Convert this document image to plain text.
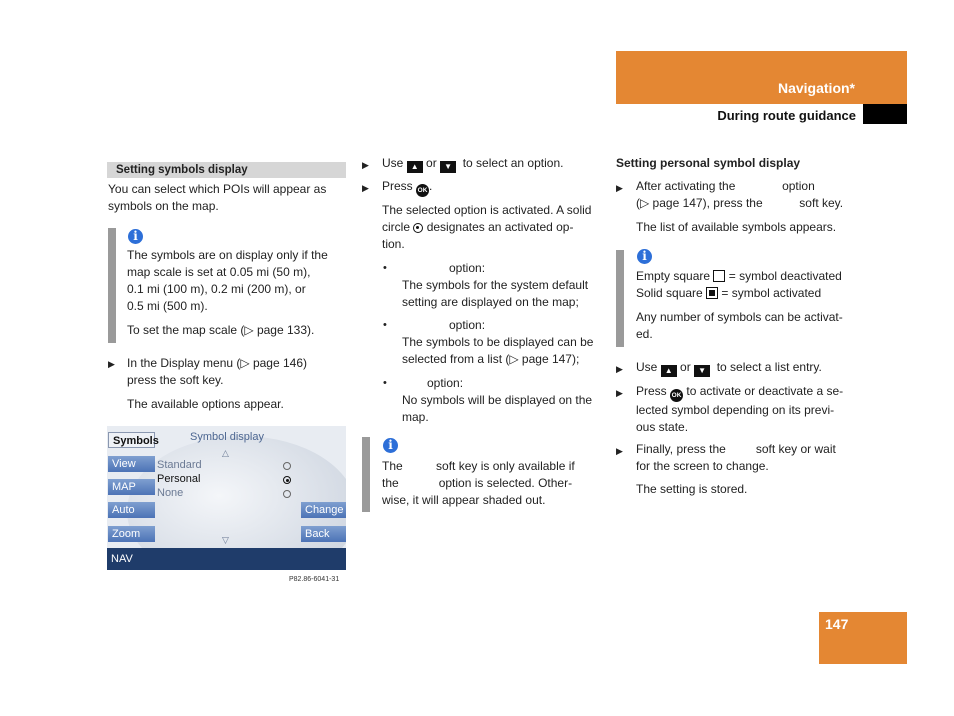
Navigation*
During route guidance
Setting symbols display
You can select which POIs will appear as
symbols on the map.
i
The symbols are on display only if the
map scale is set at 0.05 mi (50 m),
0.1 mi (100 m), 0.2 mi (200 m), or
0.5 mi (500 m).
To set the map scale (▷ page 133).
▶ In the Display menu (▷ page 146)
press the soft key.
The available options appear.
Symbol display
△
Symbols
View
MAP
Auto
Zoom
Standard
Personal
None
Change
Back
▽
NAV
P82.86-6041-31
▶ Use ▲ or ▼ to select an option.
▶ Press OK .
The selected option is activated. A solid
circle designates an activated op-
tion.
•	option:
The symbols for the system default
setting are displayed on the map;
•	option:
The symbols to be displayed can be
selected from a list (▷ page 147);
•	option:
No symbols will be displayed on the
map.
i
The          soft key is only available if
the            option is selected. Other-
wise, it will appear shaded out.
Setting personal symbol display
▶ After activating the              option
(▷ page 147), press the           soft key.
The list of available symbols appears.
i
Empty square = symbol deactivated
Solid square = symbol activated
Any number of symbols can be activat-
ed.
▶ Use ▲ or ▼ to select a list entry.
▶ Press OK to activate or deactivate a se-
lected symbol depending on its previ-
ous state.
▶ Finally, press the         soft key or wait
for the screen to change.
The setting is stored.
147
